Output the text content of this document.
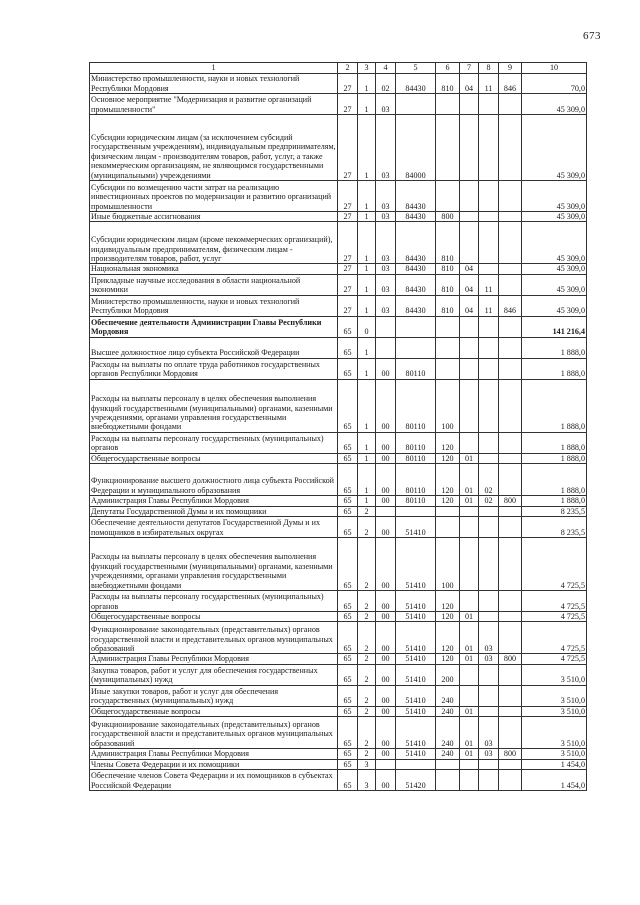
673
1	2	3	4	5	6	7	8	9	10
Министерство промышленности, науки и новых технологий Республики Мордовия	27	1	02	84430	810	04	11	846	70,0
Основное мероприятие "Модернизация и развитие организаций промышленности"	27	1	03						45 309,0
Субсидии юридическим лицам (за исключением субсидий государственным учреждениям), индивидуальным предпринимателям, физическим лицам - производителям товаров, работ, услуг, а также некоммерческим организациям, не являющимся государственными (муниципальными) учреждениями	27	1	03	84000					45 309,0
Субсидии по возмещению части затрат на реализацию инвестиционных проектов по модернизации и развитию организаций промышленности	27	1	03	84430					45 309,0
Иные бюджетные ассигнования	27	1	03	84430	800				45 309,0
Субсидии юридическим лицам (кроме некоммерческих организаций), индивидуальным предпринимателям, физическим лицам - производителям товаров, работ, услуг	27	1	03	84430	810				45 309,0
Национальная экономика	27	1	03	84430	810	04			45 309,0
Прикладные научные исследования в области национальной экономики	27	1	03	84430	810	04	11		45 309,0
Министерство промышленности, науки и новых технологий Республики Мордовия	27	1	03	84430	810	04	11	846	45 309,0
Обеспечение деятельности Администрации Главы Республики Мордовия	65	0							141 216,4
Высшее должностное лицо субъекта Российской Федерации	65	1							1 888,0
Расходы на выплаты по оплате труда работников государственных органов Республики Мордовия	65	1	00	80110					1 888,0
Расходы на выплаты персоналу в целях обеспечения выполнения функций государственными (муниципальными) органами, казенными учреждениями, органами управления государственными внебюджетными фондами	65	1	00	80110	100				1 888,0
Расходы на выплаты персоналу государственных (муниципальных) органов	65	1	00	80110	120				1 888,0
Общегосударственные вопросы	65	1	00	80110	120	01			1 888,0
Функционирование высшего должностного лица субъекта Российской Федерации и муниципального образования	65	1	00	80110	120	01	02		1 888,0
Администрация Главы Республики Мордовия	65	1	00	80110	120	01	02	800	1 888,0
Депутаты Государственной Думы и их помощники	65	2							8 235,5
Обеспечение деятельности депутатов Государственной Думы и их помощников в избирательных округах	65	2	00	51410					8 235,5
Расходы на выплаты персоналу в целях обеспечения выполнения функций государственными (муниципальными) органами, казенными учреждениями, органами управления государственными внебюджетными фондами	65	2	00	51410	100				4 725,5
Расходы на выплаты персоналу государственных (муниципальных) органов	65	2	00	51410	120				4 725,5
Общегосударственные вопросы	65	2	00	51410	120	01			4 725,5
Функционирование законодательных (представительных) органов государственной власти и представительных органов муниципальных образований	65	2	00	51410	120	01	03		4 725,5
Администрация Главы Республики Мордовия	65	2	00	51410	120	01	03	800	4 725,5
Закупка товаров, работ и услуг для обеспечения государственных (муниципальных) нужд	65	2	00	51410	200				3 510,0
Иные закупки товаров, работ и услуг для обеспечения государственных (муниципальных) нужд	65	2	00	51410	240				3 510,0
Общегосударственные вопросы	65	2	00	51410	240	01			3 510,0
Функционирование законодательных (представительных) органов государственной власти и представительных органов муниципальных образований	65	2	00	51410	240	01	03		3 510,0
Администрация Главы Республики Мордовия	65	2	00	51410	240	01	03	800	3 510,0
Члены Совета Федерации и их помощники	65	3							1 454,0
Обеспечение членов Совета Федерации и их помощников в субъектах Российской Федерации	65	3	00	51420					1 454,0
